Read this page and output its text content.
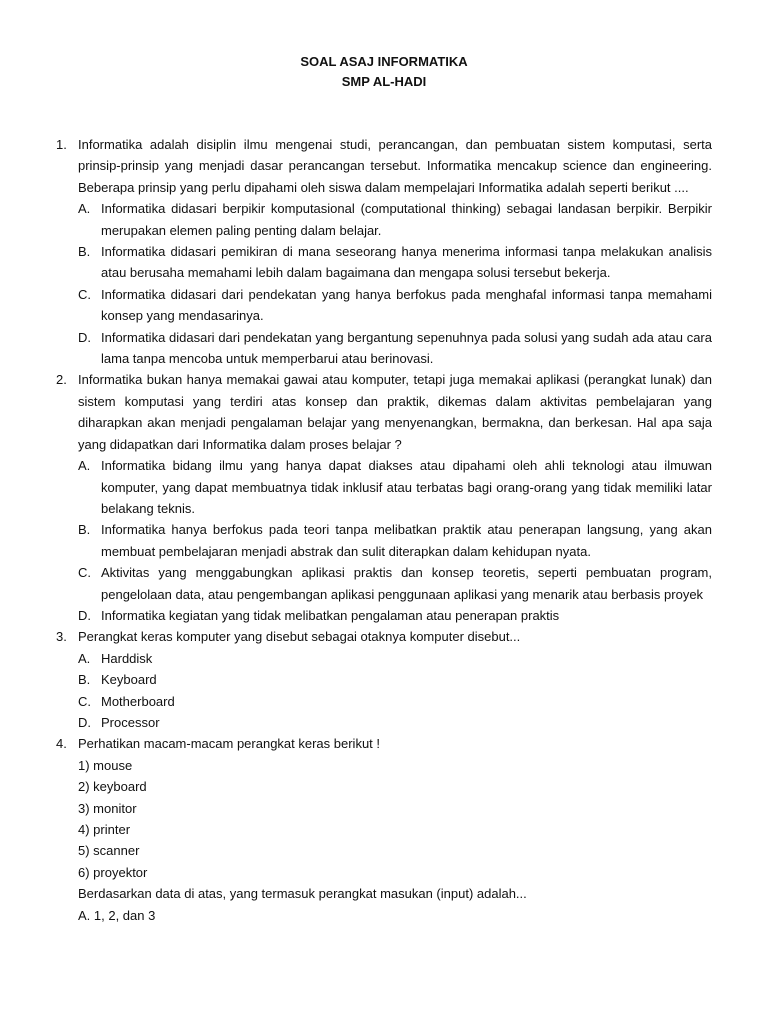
SOAL ASAJ INFORMATIKA
SMP AL-HADI
1. Informatika adalah disiplin ilmu mengenai studi, perancangan, dan pembuatan sistem komputasi, serta prinsip-prinsip yang menjadi dasar perancangan tersebut. Informatika mencakup science dan engineering. Beberapa prinsip yang perlu dipahami oleh siswa dalam mempelajari Informatika adalah seperti berikut ....
A. Informatika didasari berpikir komputasional (computational thinking) sebagai landasan berpikir. Berpikir merupakan elemen paling penting dalam belajar.
B. Informatika didasari pemikiran di mana seseorang hanya menerima informasi tanpa melakukan analisis atau berusaha memahami lebih dalam bagaimana dan mengapa solusi tersebut bekerja.
C. Informatika didasari dari pendekatan yang hanya berfokus pada menghafal informasi tanpa memahami konsep yang mendasarinya.
D. Informatika didasari dari pendekatan yang bergantung sepenuhnya pada solusi yang sudah ada atau cara lama tanpa mencoba untuk memperbarui atau berinovasi.
2. Informatika bukan hanya memakai gawai atau komputer, tetapi juga memakai aplikasi (perangkat lunak) dan sistem komputasi yang terdiri atas konsep dan praktik, dikemas dalam aktivitas pembelajaran yang diharapkan akan menjadi pengalaman belajar yang menyenangkan, bermakna, dan berkesan. Hal apa saja yang didapatkan dari Informatika dalam proses belajar ?
A. Informatika bidang ilmu yang hanya dapat diakses atau dipahami oleh ahli teknologi atau ilmuwan komputer, yang dapat membuatnya tidak inklusif atau terbatas bagi orang-orang yang tidak memiliki latar belakang teknis.
B. Informatika hanya berfokus pada teori tanpa melibatkan praktik atau penerapan langsung, yang akan membuat pembelajaran menjadi abstrak dan sulit diterapkan dalam kehidupan nyata.
C. Aktivitas yang menggabungkan aplikasi praktis dan konsep teoretis, seperti pembuatan program, pengelolaan data, atau pengembangan aplikasi penggunaan aplikasi yang menarik atau berbasis proyek
D. Informatika kegiatan yang tidak melibatkan pengalaman atau penerapan praktis
3. Perangkat keras komputer yang disebut sebagai otaknya komputer disebut...
A. Harddisk
B. Keyboard
C. Motherboard
D. Processor
4. Perhatikan macam-macam perangkat keras berikut !
1) mouse
2) keyboard
3) monitor
4) printer
5) scanner
6) proyektor
Berdasarkan data di atas, yang termasuk perangkat masukan (input) adalah...
A. 1, 2, dan 3
